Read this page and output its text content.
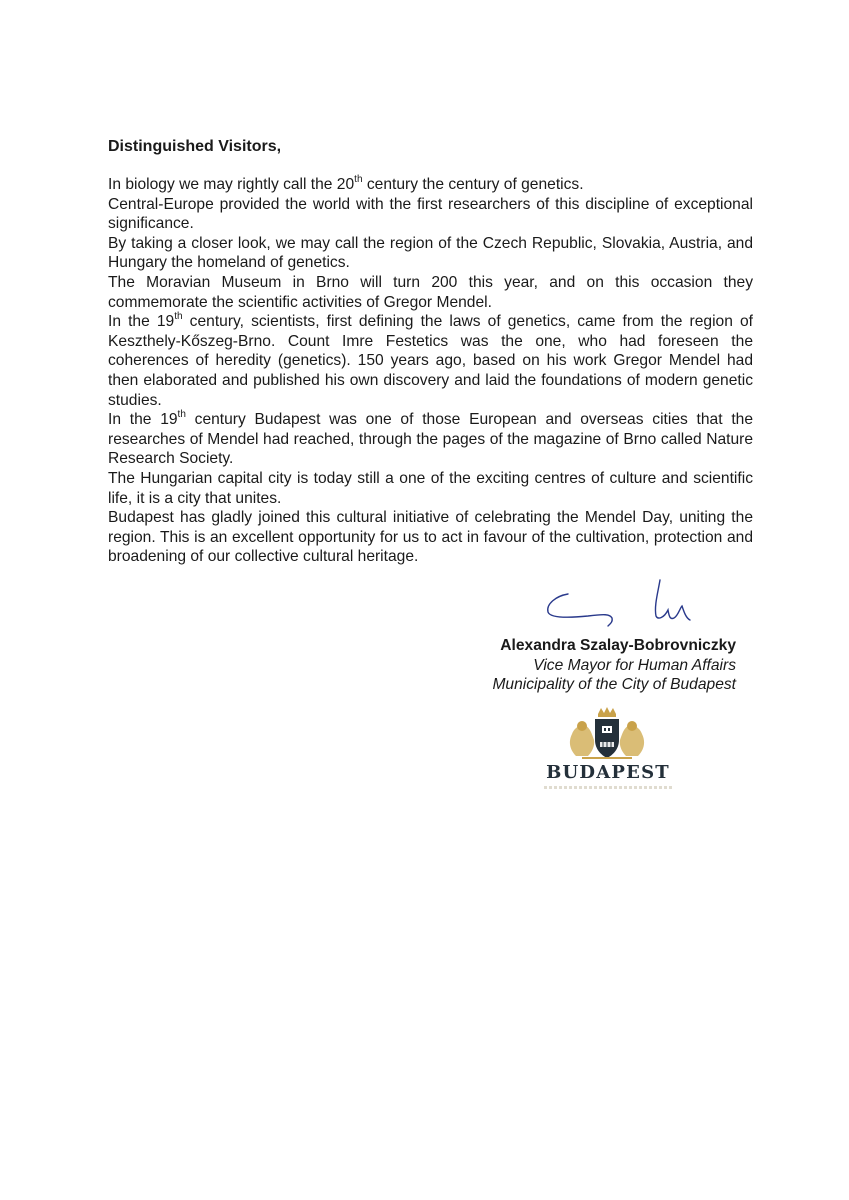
Distinguished Visitors,

In biology we may rightly call the 20th century the century of genetics.

Central-Europe provided the world with the first researchers of this discipline of exceptional significance.

By taking a closer look, we may call the region of the Czech Republic, Slovakia, Austria, and Hungary the homeland of genetics.

The Moravian Museum in Brno will turn 200 this year, and on this occasion they commemorate the scientific activities of Gregor Mendel.

In the 19th century, scientists, first defining the laws of genetics, came from the region of Keszthely-Kőszeg-Brno. Count Imre Festetics was the one, who had foreseen the coherences of heredity (genetics). 150 years ago, based on his work Gregor Mendel had then elaborated and published his own discovery and laid the foundations of modern genetic studies.

In the 19th century Budapest was one of those European and overseas cities that the researches of Mendel had reached, through the pages of the magazine of Brno called Nature Research Society.

The Hungarian capital city is today still a one of the exciting centres of culture and scientific life, it is a city that unites.

Budapest has gladly joined this cultural initiative of celebrating the Mendel Day, uniting the region. This is an excellent opportunity for us to act in favour of the cultivation, protection and broadening of our collective cultural heritage.

Alexandra Szalay-Bobrovniczky
Vice Mayor for Human Affairs
Municipality of the City of Budapest
BUDAPEST
